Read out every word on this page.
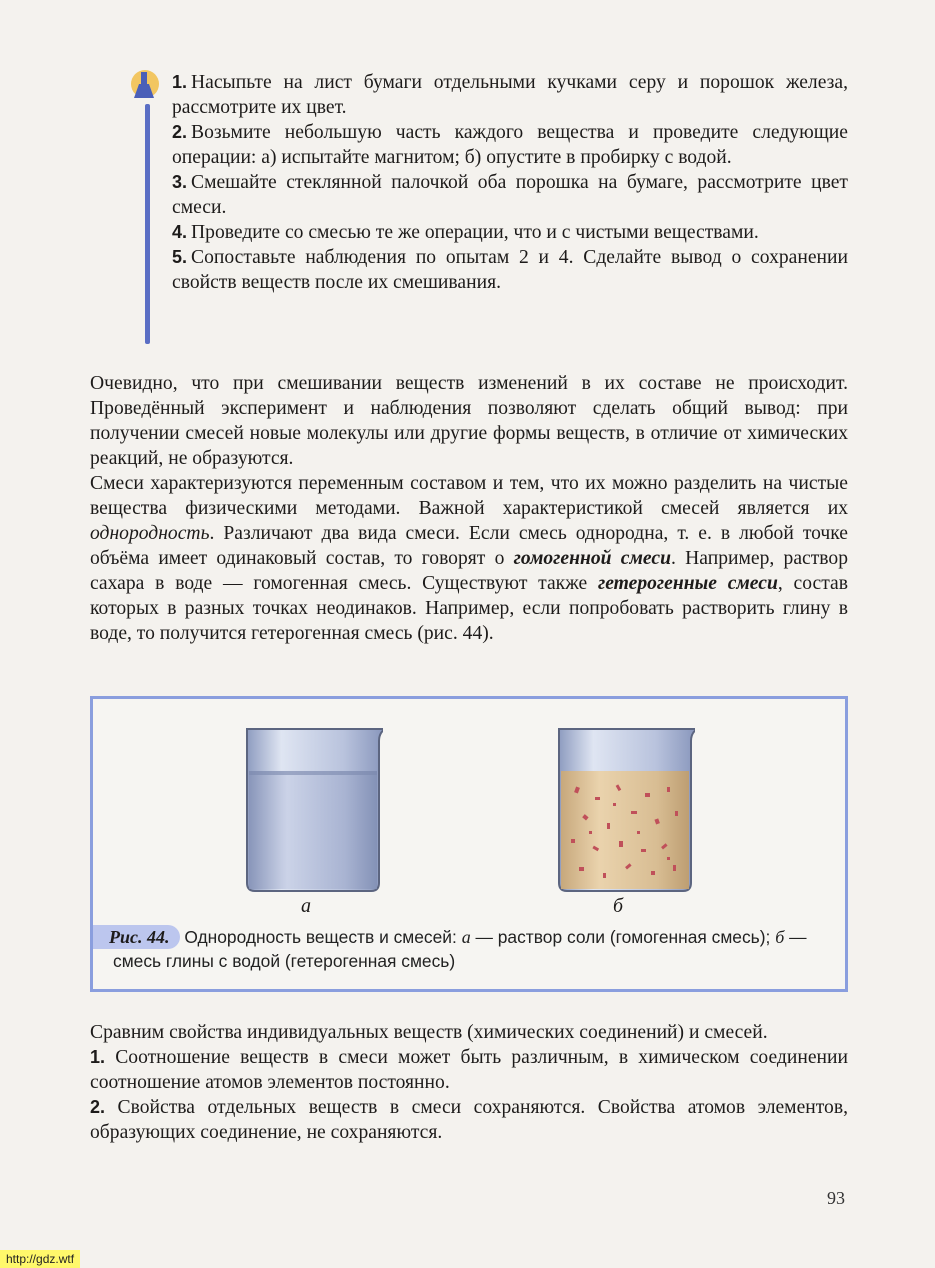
1. Насыпьте на лист бумаги отдельными кучками серу и порошок железа, рассмотрите их цвет.

2. Возьмите небольшую часть каждого вещества и проведите следующие операции: а) испытайте магнитом; б) опустите в пробирку с водой.

3. Смешайте стеклянной палочкой оба порошка на бумаге, рассмотрите цвет смеси.

4. Проведите со смесью те же операции, что и с чистыми веществами.

5. Сопоставьте наблюдения по опытам 2 и 4. Сделайте вывод о сохранении свойств веществ после их смешивания.

Очевидно, что при смешивании веществ изменений в их составе не происходит. Проведённый эксперимент и наблюдения позволяют сделать общий вывод: при получении смесей новые молекулы или другие формы веществ, в отличие от химических реакций, не образуются.

Смеси характеризуются переменным составом и тем, что их можно разделить на чистые вещества физическими методами. Важной характеристикой смесей является их однородность. Различают два вида смеси. Если смесь однородна, т. е. в любой точке объёма имеет одинаковый состав, то говорят о гомогенной смеси. Например, раствор сахара в воде — гомогенная смесь. Существуют также гетерогенные смеси, состав которых в разных точках неодинаков. Например, если попробовать растворить глину в воде, то получится гетерогенная смесь (рис. 44).

а	б
Рис. 44. Однородность веществ и смесей: а — раствор соли (гомогенная смесь); б — смесь глины с водой (гетерогенная смесь)

Сравним свойства индивидуальных веществ (химических соединений) и смесей.

1. Соотношение веществ в смеси может быть различным, в химическом соединении соотношение атомов элементов постоянно.

2. Свойства отдельных веществ в смеси сохраняются. Свойства атомов элементов, образующих соединение, не сохраняются.

93
http://gdz.wtf
